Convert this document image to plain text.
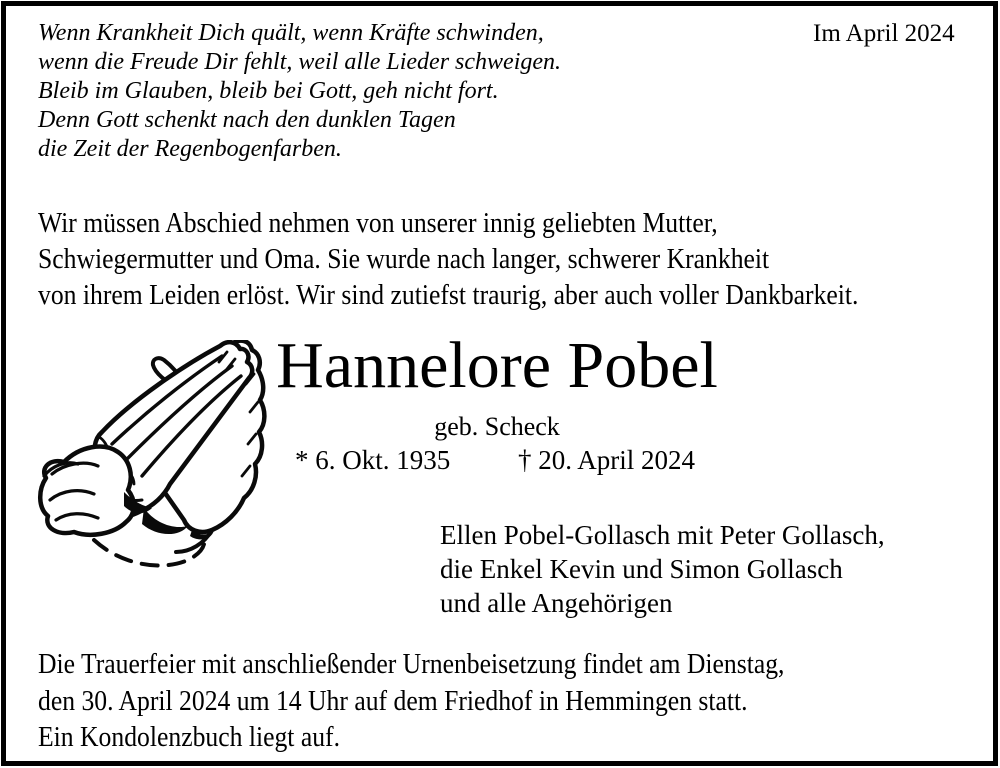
Wenn Krankheit Dich quält, wenn Kräfte schwinden,
wenn die Freude Dir fehlt, weil alle Lieder schweigen.
Bleib im Glauben, bleib bei Gott, geh nicht fort.
Denn Gott schenkt nach den dunklen Tagen
die Zeit der Regenbogenfarben.
Im April 2024
Wir müssen Abschied nehmen von unserer innig geliebten Mutter,
Schwiegermutter und Oma. Sie wurde nach langer, schwerer Krankheit
von ihrem Leiden erlöst. Wir sind zutiefst traurig, aber auch voller Dankbarkeit.
Hannelore Pobel
geb. Scheck
* 6. Okt. 1935	† 20. April 2024
Ellen Pobel-Gollasch mit Peter Gollasch,
die Enkel Kevin und Simon Gollasch
und alle Angehörigen
Die Trauerfeier mit anschließender Urnenbeisetzung findet am Dienstag,
den 30. April 2024 um 14 Uhr auf dem Friedhof in Hemmingen statt.
Ein Kondolenzbuch liegt auf.
